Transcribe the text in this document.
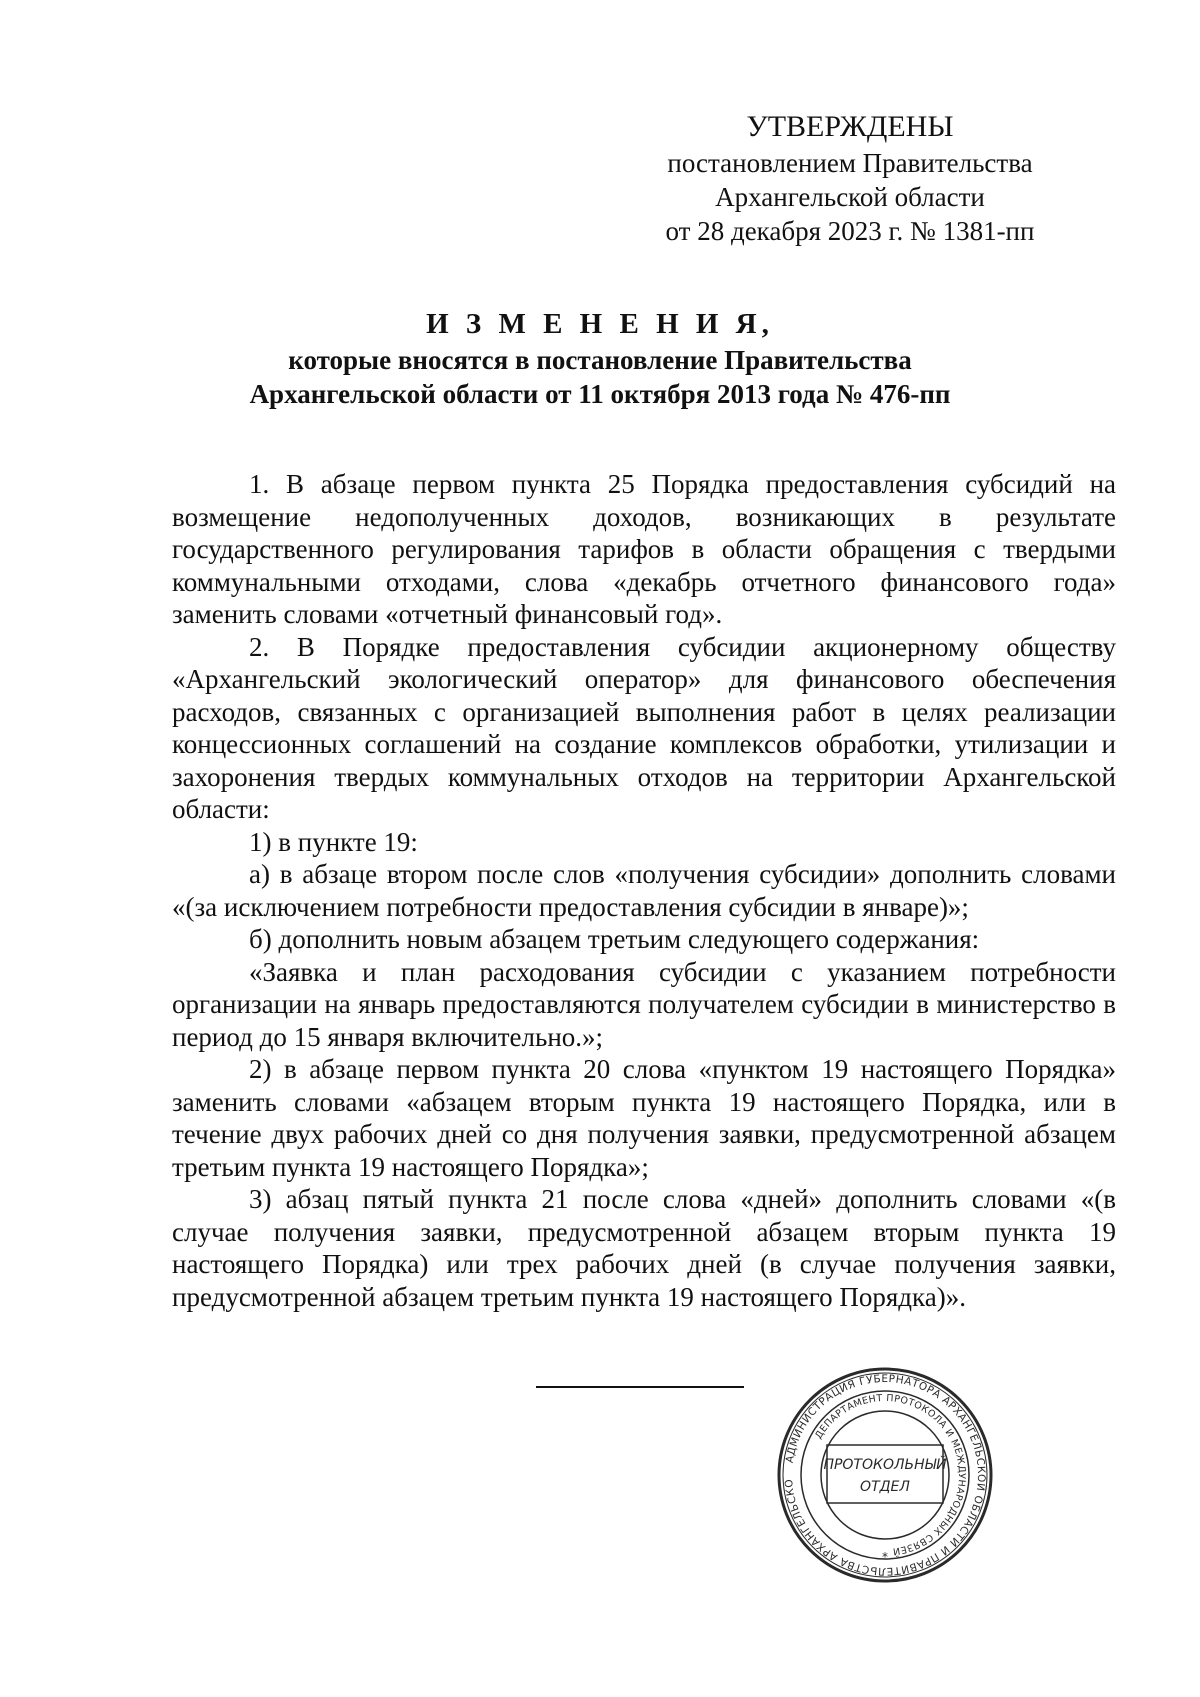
УТВЕРЖДЕНЫ
постановлением Правительства
Архангельской области
от 28 декабря 2023 г. № 1381-пп
И З М Е Н Е Н И Я,
которые вносятся в постановление Правительства
Архангельской области от 11 октября 2013 года № 476-пп

1. В абзаце первом пункта 25 Порядка предоставления субсидий на возмещение недополученных доходов, возникающих в результате государственного регулирования тарифов в области обращения с твердыми коммунальными отходами, слова «декабрь отчетного финансового года» заменить словами «отчетный финансовый год».

2. В Порядке предоставления субсидии акционерному обществу «Архангельский экологический оператор» для финансового обеспечения расходов, связанных с организацией выполнения работ в целях реализации концессионных соглашений на создание комплексов обработки, утилизации и захоронения твердых коммунальных отходов на территории Архангельской области:

1) в пункте 19:

а) в абзаце втором после слов «получения субсидии» дополнить словами «(за исключением потребности предоставления субсидии в январе)»;

б) дополнить новым абзацем третьим следующего содержания:

«Заявка и план расходования субсидии с указанием потребности организации на январь предоставляются получателем субсидии в министерство в период до 15 января включительно.»;

2) в абзаце первом пункта 20 слова «пунктом 19 настоящего Порядка» заменить словами «абзацем вторым пункта 19 настоящего Порядка, или в течение двух рабочих дней со дня получения заявки, предусмотренной абзацем третьим пункта 19 настоящего Порядка»;

3) абзац пятый пункта 21 после слова «дней» дополнить словами «(в случае получения заявки, предусмотренной абзацем вторым пункта 19 настоящего Порядка) или трех рабочих дней (в случае получения заявки, предусмотренной абзацем третьим пункта 19 настоящего Порядка)».

АДМИНИСТРАЦИЯ ГУБЕРНАТОРА АРХАНГЕЛЬСКОЙ ОБЛАСТИ И ПРАВИТЕЛЬСТВА АРХАНГЕЛЬСКО
ДЕПАРТАМЕНТ ПРОТОКОЛА И МЕЖДУНАРОДНЫХ СВЯЗЕЙ
ПРОТОКОЛЬНЫЙ
ОТДЕЛ
*
